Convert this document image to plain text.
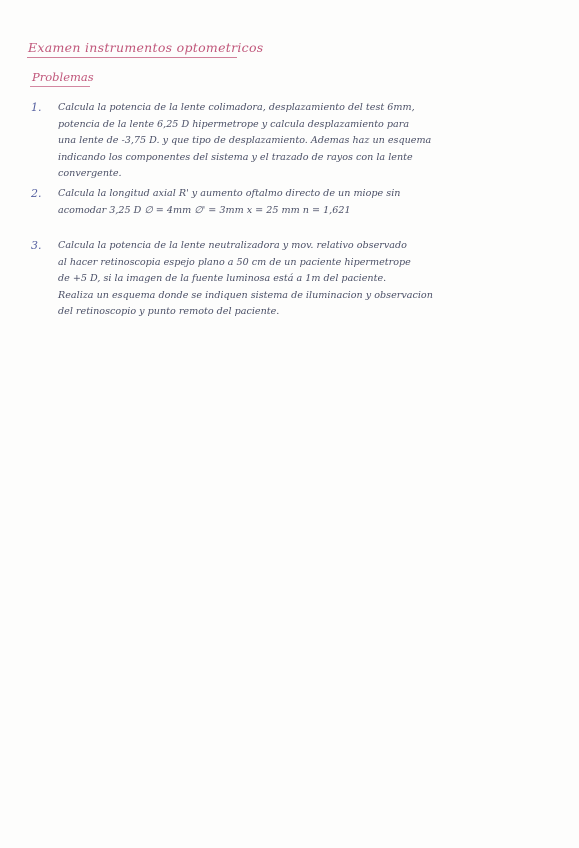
Examen instrumentos optometricos
Problemas
1.	Calcula la potencia de la lente colimadora, desplazamiento del test 6mm,
potencia de la lente 6,25 D hipermetrope y calcula desplazamiento para
una lente de -3,75 D. y que tipo de desplazamiento. Ademas haz un esquema
indicando los componentes del sistema y el trazado de rayos con la lente
convergente.
2.	Calcula la longitud axial R' y aumento oftalmo directo de un miope sin
acomodar 3,25 D ∅ = 4mm ∅' = 3mm x = 25 mm n = 1,621
3.	Calcula la potencia de la lente neutralizadora y mov. relativo observado
al hacer retinoscopia espejo plano a 50 cm de un paciente hipermetrope
de +5 D, si la imagen de la fuente luminosa está a 1m del paciente.
Realiza un esquema donde se indiquen sistema de iluminacion y observacion
del retinoscopio y punto remoto del paciente.
